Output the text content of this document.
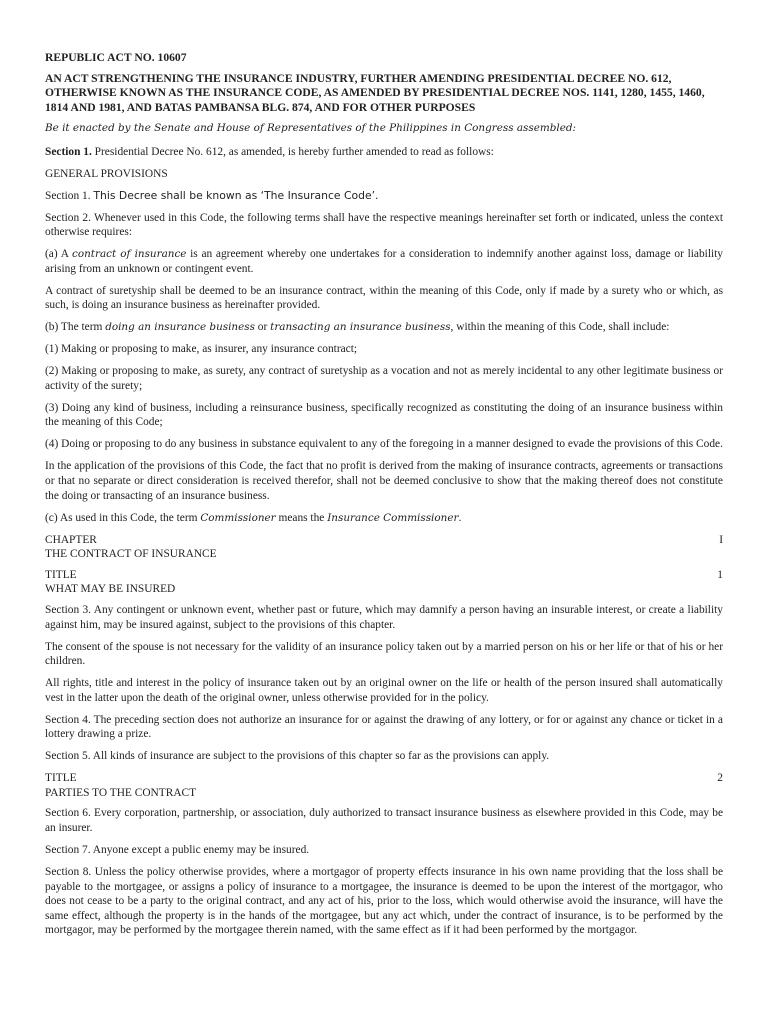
REPUBLIC ACT NO. 10607

AN ACT STRENGTHENING THE INSURANCE INDUSTRY, FURTHER AMENDING PRESIDENTIAL DECREE NO. 612, OTHERWISE KNOWN AS THE INSURANCE CODE, AS AMENDED BY PRESIDENTIAL DECREE NOS. 1141, 1280, 1455, 1460, 1814 AND 1981, AND BATAS PAMBANSA BLG. 874, AND FOR OTHER PURPOSES

Be it enacted by the Senate and House of Representatives of the Philippines in Congress assembled:

Section 1. Presidential Decree No. 612, as amended, is hereby further amended to read as follows:

GENERAL PROVISIONS

Section 1. This Decree shall be known as ‘The Insurance Code’.

Section 2. Whenever used in this Code, the following terms shall have the respective meanings hereinafter set forth or indicated, unless the context otherwise requires:

(a) A contract of insurance is an agreement whereby one undertakes for a consideration to indemnify another against loss, damage or liability arising from an unknown or contingent event.

A contract of suretyship shall be deemed to be an insurance contract, within the meaning of this Code, only if made by a surety who or which, as such, is doing an insurance business as hereinafter provided.

(b) The term doing an insurance business or transacting an insurance business, within the meaning of this Code, shall include:

(1) Making or proposing to make, as insurer, any insurance contract;

(2) Making or proposing to make, as surety, any contract of suretyship as a vocation and not as merely incidental to any other legitimate business or activity of the surety;

(3) Doing any kind of business, including a reinsurance business, specifically recognized as constituting the doing of an insurance business within the meaning of this Code;

(4) Doing or proposing to do any business in substance equivalent to any of the foregoing in a manner designed to evade the provisions of this Code.

In the application of the provisions of this Code, the fact that no profit is derived from the making of insurance contracts, agreements or transactions or that no separate or direct consideration is received therefor, shall not be deemed conclusive to show that the making thereof does not constitute the doing or transacting of an insurance business.

(c) As used in this Code, the term Commissioner means the Insurance Commissioner.

CHAPTER	I

THE CONTRACT OF INSURANCE

TITLE	1

WHAT MAY BE INSURED

Section 3. Any contingent or unknown event, whether past or future, which may damnify a person having an insurable interest, or create a liability against him, may be insured against, subject to the provisions of this chapter.

The consent of the spouse is not necessary for the validity of an insurance policy taken out by a married person on his or her life or that of his or her children.

All rights, title and interest in the policy of insurance taken out by an original owner on the life or health of the person insured shall automatically vest in the latter upon the death of the original owner, unless otherwise provided for in the policy.

Section 4. The preceding section does not authorize an insurance for or against the drawing of any lottery, or for or against any chance or ticket in a lottery drawing a prize.

Section 5. All kinds of insurance are subject to the provisions of this chapter so far as the provisions can apply.

TITLE	2

PARTIES TO THE CONTRACT

Section 6. Every corporation, partnership, or association, duly authorized to transact insurance business as elsewhere provided in this Code, may be an insurer.

Section 7. Anyone except a public enemy may be insured.

Section 8. Unless the policy otherwise provides, where a mortgagor of property effects insurance in his own name providing that the loss shall be payable to the mortgagee, or assigns a policy of insurance to a mortgagee, the insurance is deemed to be upon the interest of the mortgagor, who does not cease to be a party to the original contract, and any act of his, prior to the loss, which would otherwise avoid the insurance, will have the same effect, although the property is in the hands of the mortgagee, but any act which, under the contract of insurance, is to be performed by the mortgagor, may be performed by the mortgagee therein named, with the same effect as if it had been performed by the mortgagor.
